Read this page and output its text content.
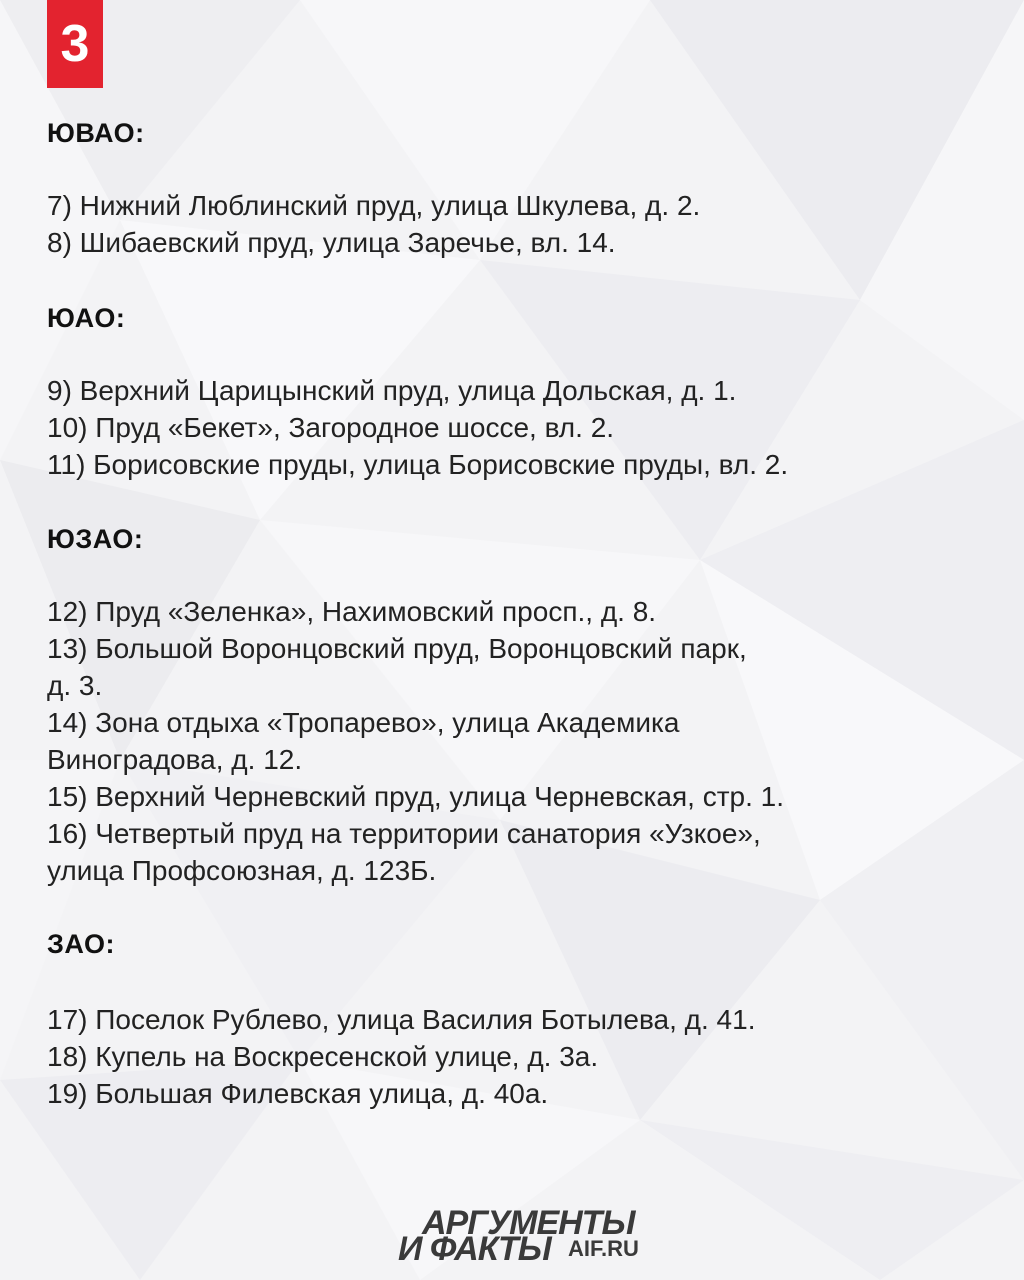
3
ЮВАО:
7) Нижний Люблинский пруд, улица Шкулева, д. 2.
8) Шибаевский пруд, улица Заречье, вл. 14.
ЮАО:
9) Верхний Царицынский пруд, улица Дольская, д. 1.
10) Пруд «Бекет», Загородное шоссе, вл. 2.
11) Борисовские пруды, улица Борисовские пруды, вл. 2.
ЮЗАО:
12) Пруд «Зеленка», Нахимовский просп., д. 8.
13) Большой Воронцовский пруд, Воронцовский парк,
д. 3.
14) Зона отдыха «Тропарево», улица Академика
Виноградова, д. 12.
15) Верхний Черневский пруд, улица Черневская, стр. 1.
16) Четвертый пруд на территории санатория «Узкое»,
улица Профсоюзная, д. 123Б.
ЗАО:
17) Поселок Рублево, улица Василия Ботылева, д. 41.
18) Купель на Воскресенской улице, д. 3а.
19) Большая Филевская улица, д. 40а.
АРГУМЕНТЫ
И ФАКТЫ AIF.RU
